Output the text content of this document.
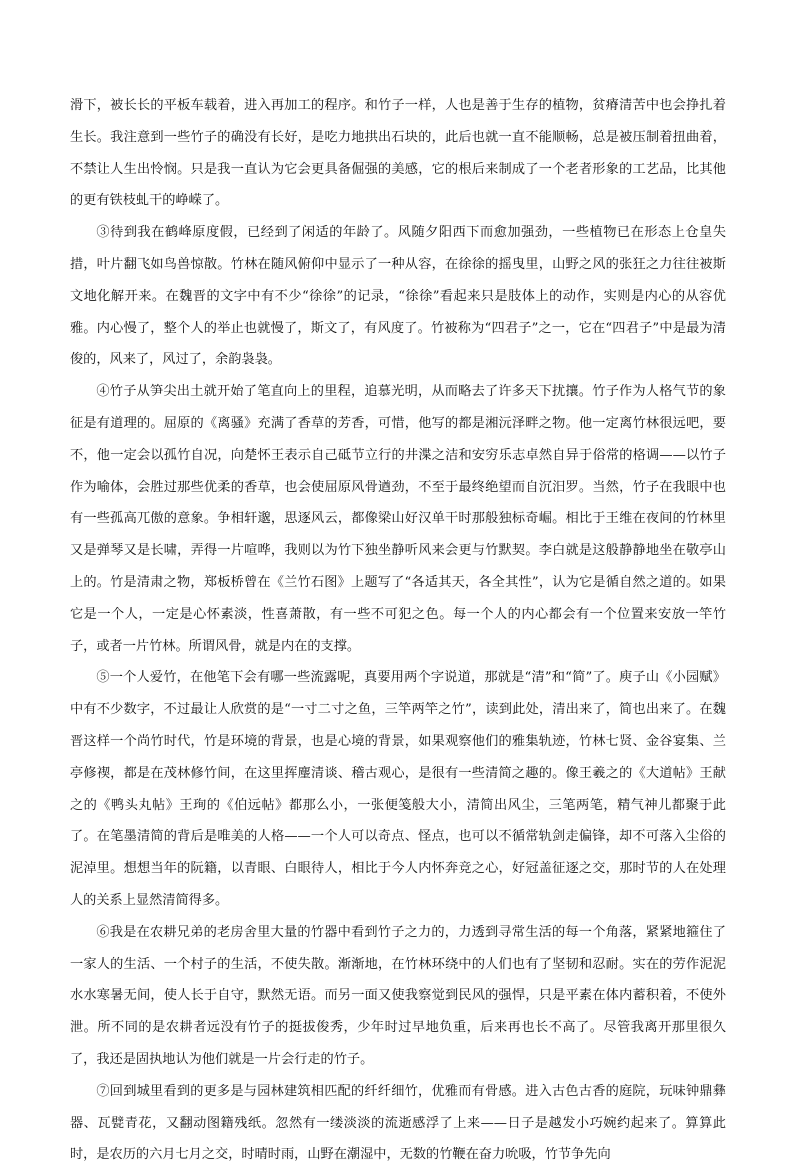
滑下，被长长的平板车载着，进入再加工的程序。和竹子一样，人也是善于生存的植物，贫瘠清苦中也会挣扎着生长。我注意到一些竹子的确没有长好，是吃力地拱出石块的，此后也就一直不能顺畅，总是被压制着扭曲着，不禁让人生出怜悯。只是我一直认为它会更具备倔强的美感，它的根后来制成了一个老者形象的工艺品，比其他的更有铁枝虬干的峥嵘了。

③待到我在鹤峰原度假，已经到了闲适的年龄了。风随夕阳西下而愈加强劲，一些植物已在形态上仓皇失措，叶片翻飞如鸟兽惊散。竹林在随风俯仰中显示了一种从容，在徐徐的摇曳里，山野之风的张狂之力往往被斯文地化解开来。在魏晋的文字中有不少“徐徐”的记录，“徐徐”看起来只是肢体上的动作，实则是内心的从容优雅。内心慢了，整个人的举止也就慢了，斯文了，有风度了。竹被称为“四君子”之一，它在“四君子”中是最为清俊的，风来了，风过了，余韵袅袅。

④竹子从笋尖出土就开始了笔直向上的里程，追慕光明，从而略去了许多天下扰攘。竹子作为人格气节的象征是有道理的。屈原的《离骚》充满了香草的芳香，可惜，他写的都是湘沅泽畔之物。他一定离竹林很远吧，要不，他一定会以孤竹自况，向楚怀王表示自己砥节立行的井渫之洁和安穷乐志卓然自异于俗常的格调——以竹子作为喻体，会胜过那些优柔的香草，也会使屈原风骨遒劲，不至于最终绝望而自沉汨罗。当然，竹子在我眼中也有一些孤高兀傲的意象。争相轩邈，思逐风云，都像梁山好汉单干时那般独标奇崛。相比于王维在夜间的竹林里又是弹琴又是长啸，弄得一片喧哗，我则以为竹下独坐静听风来会更与竹默契。李白就是这般静静地坐在敬亭山上的。竹是清肃之物，郑板桥曾在《兰竹石图》上题写了“各适其天，各全其性”，认为它是循自然之道的。如果它是一个人，一定是心怀素淡，性喜萧散，有一些不可犯之色。每一个人的内心都会有一个位置来安放一竿竹子，或者一片竹林。所谓风骨，就是内在的支撑。

⑤一个人爱竹，在他笔下会有哪一些流露呢，真要用两个字说道，那就是“清”和“简”了。庾子山《小园赋》中有不少数字，不过最让人欣赏的是“一寸二寸之鱼，三竿两竿之竹”，读到此处，清出来了，简也出来了。在魏晋这样一个尚竹时代，竹是环境的背景，也是心境的背景，如果观察他们的雅集轨迹，竹林七贤、金谷宴集、兰亭修禊，都是在茂林修竹间，在这里挥麈清谈、稽古观心，是很有一些清简之趣的。像王羲之的《大道帖》王献之的《鸭头丸帖》王珣的《伯远帖》都那么小，一张便笺般大小，清简出风尘，三笔两笔，精气神儿都聚于此了。在笔墨清简的背后是唯美的人格——一个人可以奇点、怪点，也可以不循常轨剑走偏锋，却不可落入尘俗的泥淖里。想想当年的阮籍，以青眼、白眼待人，相比于今人内怀奔竞之心，好冠盖征逐之交，那时节的人在处理人的关系上显然清简得多。

⑥我是在农耕兄弟的老房舍里大量的竹器中看到竹子之力的，力透到寻常生活的每一个角落，紧紧地箍住了一家人的生活、一个村子的生活，不使失散。渐渐地，在竹林环绕中的人们也有了坚韧和忍耐。实在的劳作泥泥水水寒暑无间，使人长于自守，默然无语。而另一面又使我察觉到民风的强悍，只是平素在体内蓄积着，不使外泄。所不同的是农耕者远没有竹子的挺拔俊秀，少年时过早地负重，后来再也长不高了。尽管我离开那里很久了，我还是固执地认为他们就是一片会行走的竹子。

⑦回到城里看到的更多是与园林建筑相匹配的纤纤细竹，优雅而有骨感。进入古色古香的庭院，玩味钟鼎彝器、瓦甓青花，又翻动图籍残纸。忽然有一缕淡淡的流逝感浮了上来——日子是越发小巧婉约起来了。算算此时，是农历的六月七月之交，时晴时雨，山野在潮湿中，无数的竹鞭在奋力吮吸，竹节争先向
